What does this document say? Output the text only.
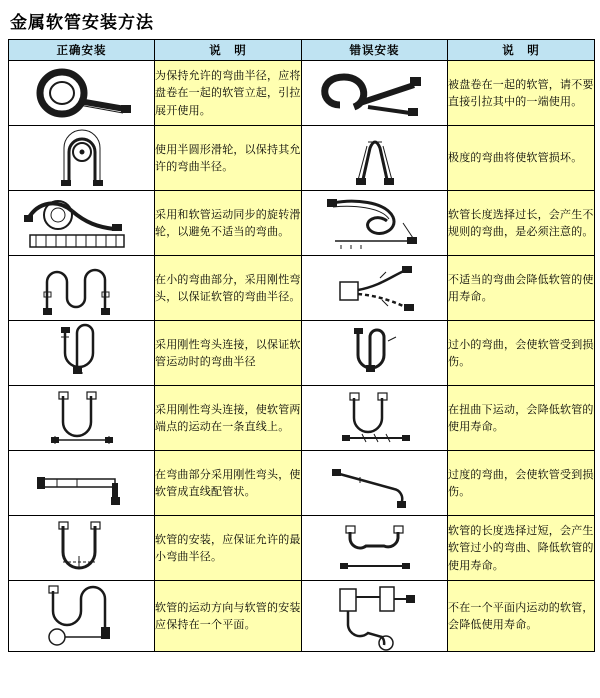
金属软管安装方法
正确安装	说　明	错误安装	说　明

	为保持允许的弯曲半径，应将盘卷在一起的软管立起，引拉展开使用。		被盘卷在一起的软管，请不要直接引拉其中的一端使用。

	使用半圆形滑轮，以保持其允许的弯曲半径。		极度的弯曲将使软管损坏。

	采用和软管运动同步的旋转滑轮，以避免不适当的弯曲。		软管长度选择过长，会产生不规则的弯曲，是必须注意的。

	在小的弯曲部分，采用刚性弯头，以保证软管的弯曲半径。		不适当的弯曲会降低软管的使用寿命。

	采用刚性弯头连接，以保证软管运动时的弯曲半径		过小的弯曲，会使软管受到损伤。

	采用刚性弯头连接，使软管两端点的运动在一条直线上。		在扭曲下运动，会降低软管的使用寿命。

	在弯曲部分采用刚性弯头，使软管成直线配管状。		过度的弯曲，会使软管受到损伤。

	软管的安装，应保证允许的最小弯曲半径。		软管的长度选择过短，会产生软管过小的弯曲、降低软管的使用寿命。

	软管的运动方向与软管的安装应保持在一个平面。		不在一个平面内运动的软管，会降低使用寿命。
